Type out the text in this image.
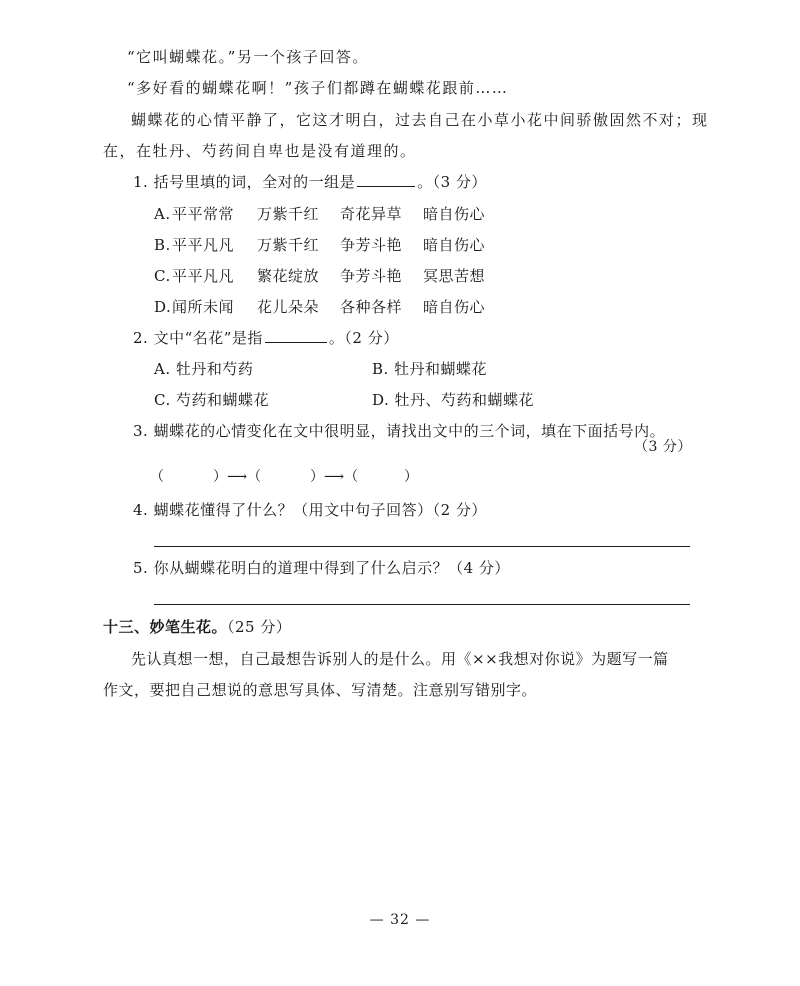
“它叫蝴蝶花。”另一个孩子回答。
“多好看的蝴蝶花啊！”孩子们都蹲在蝴蝶花跟前……
蝴蝶花的心情平静了，它这才明白，过去自己在小草小花中间骄傲固然不对；现
在，在牡丹、芍药间自卑也是没有道理的。
1. 括号里填的词，全对的一组是	。（3 分）
A. 平平常常 万紫千红 奇花异草 暗自伤心
B. 平平凡凡 万紫千红 争芳斗艳 暗自伤心
C. 平平凡凡 繁花绽放 争芳斗艳 冥思苦想
D. 闻所未闻 花儿朵朵 各种各样 暗自伤心
2. 文中“名花”是指	。（2 分）
A. 牡丹和芍药	B. 牡丹和蝴蝶花
C. 芍药和蝴蝶花	D. 牡丹、芍药和蝴蝶花
3. 蝴蝶花的心情变化在文中很明显，请找出文中的三个词，填在下面括号内。
（3 分）
（	）⟶（	）⟶（	）
4. 蝴蝶花懂得了什么？（用文中句子回答）（2 分）
5. 你从蝴蝶花明白的道理中得到了什么启示？（4 分）
十三、妙笔生花。（25 分）
先认真想一想，自己最想告诉别人的是什么。用《××我想对你说》为题写一篇
作文，要把自己想说的意思写具体、写清楚。注意别写错别字。
— 32 —
